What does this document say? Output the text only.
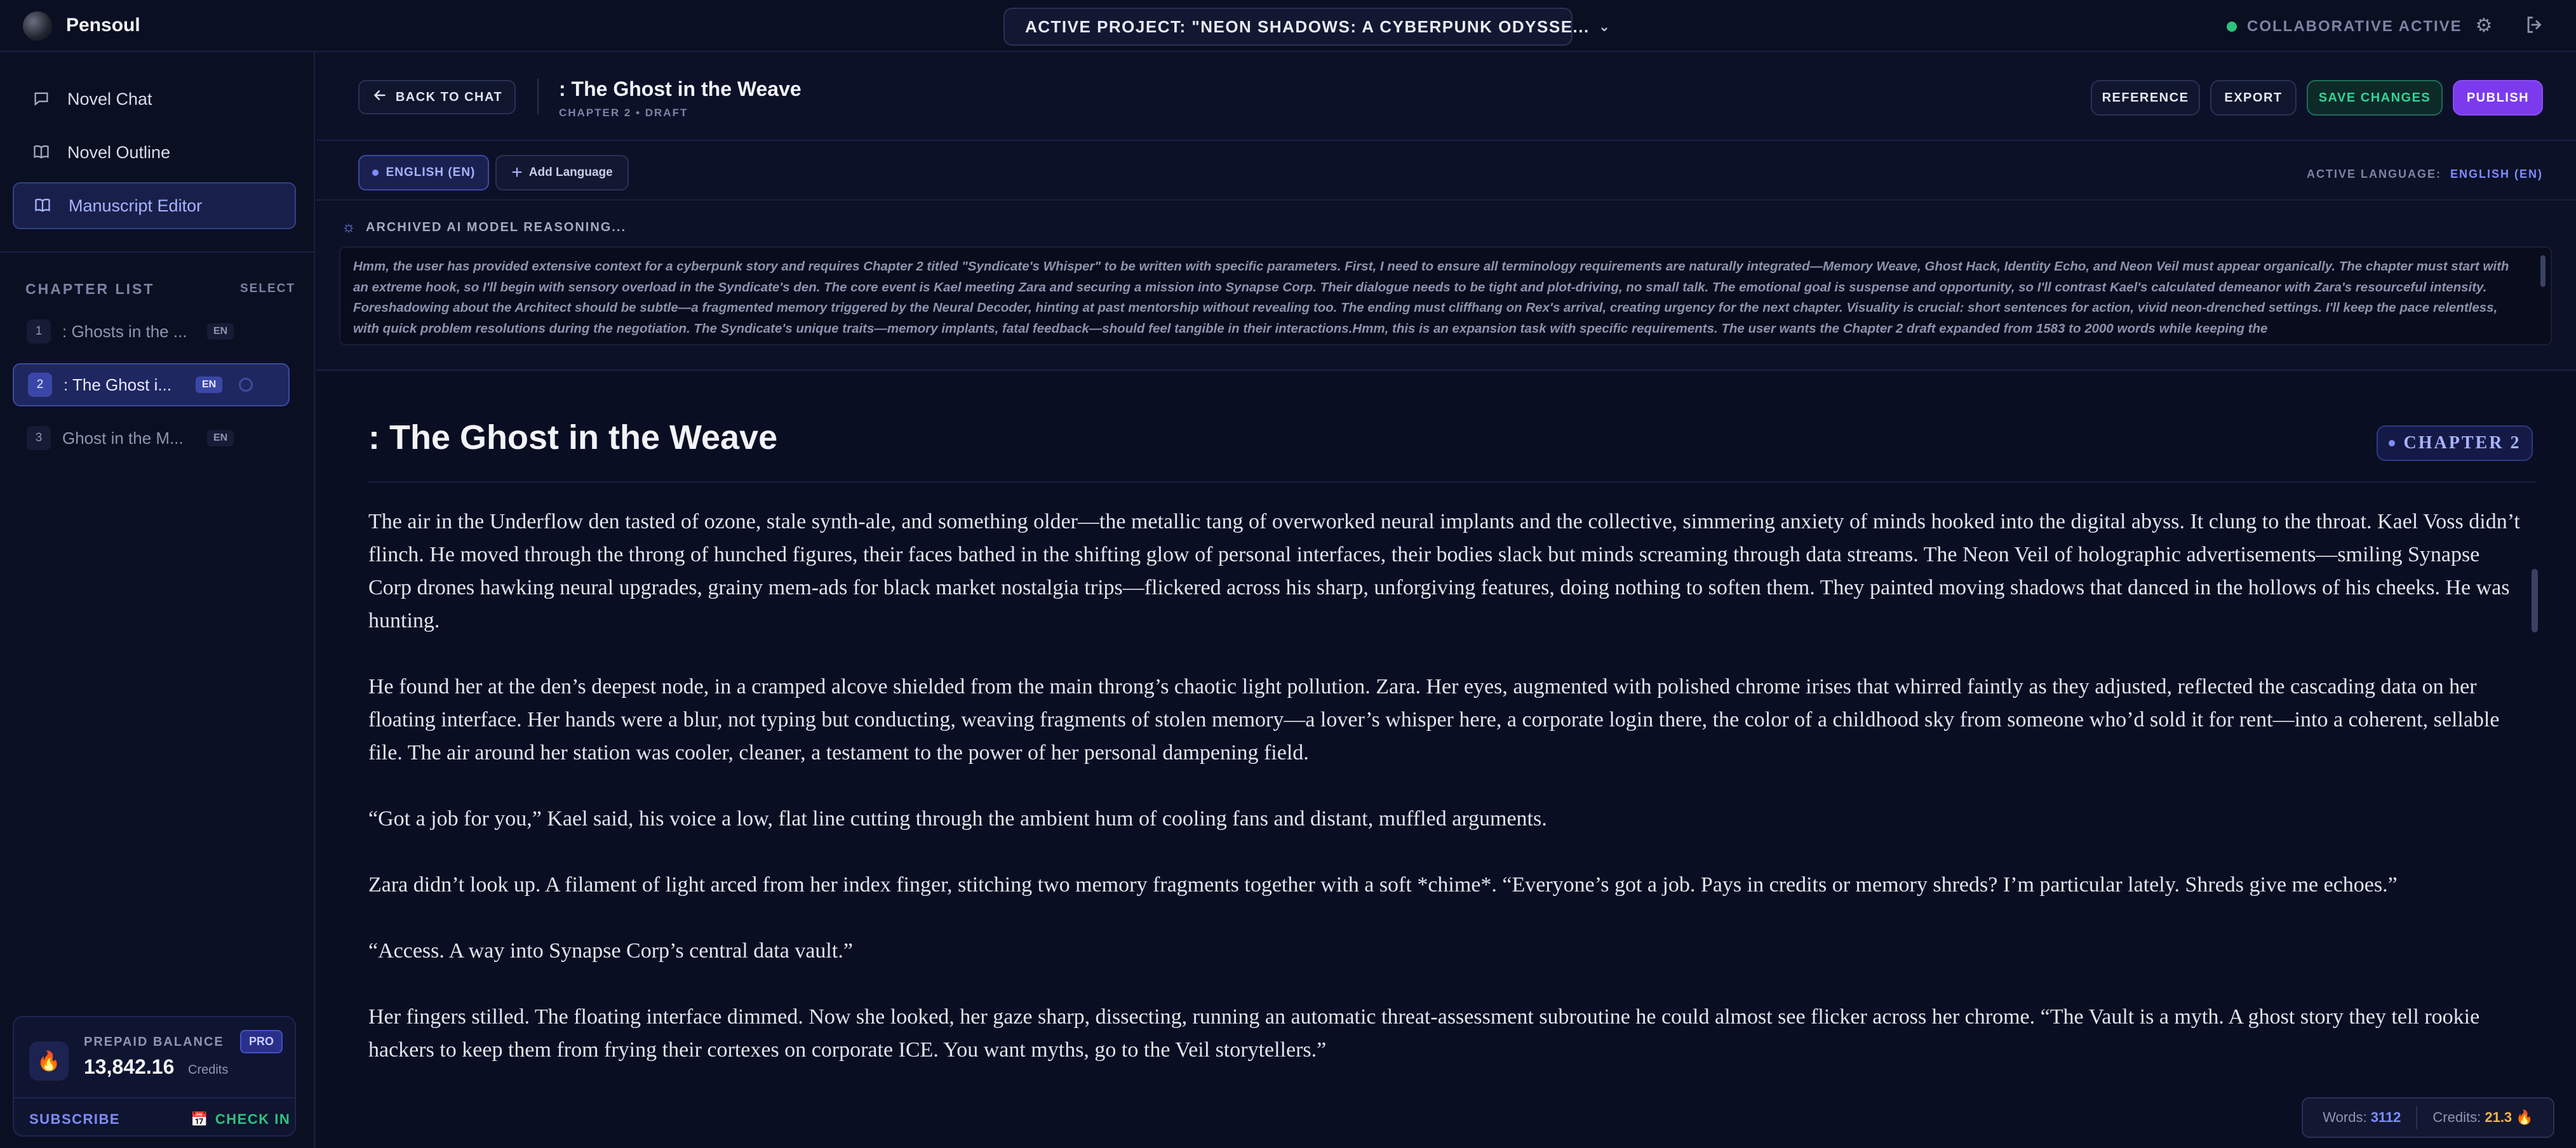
Pensoul	ACTIVE PROJECT: "NEON SHADOWS: A CYBERPUNK ODYSSE... ⌄	COLLABORATIVE ACTIVE ⚙
Novel Chat
Novel Outline
Manuscript Editor
CHAPTER LIST	SELECT
1	: Ghosts in the ...	EN
2	: The Ghost i...	EN
3	Ghost in the M...	EN
🔥
PREPAID BALANCE	PRO
13,842.16 Credits
SUBSCRIBE	📅 CHECK IN
BACK TO CHAT	: The Ghost in the Weave
CHAPTER 2 • DRAFT
REFERENCE	EXPORT	SAVE CHANGES	PUBLISH
ENGLISH (EN) + Add Language	ACTIVE LANGUAGE: ENGLISH (EN)
☼ ARCHIVED AI MODEL REASONING...
Hmm, the user has provided extensive context for a cyberpunk story and requires Chapter 2 titled "Syndicate's Whisper" to be written with specific parameters. First, I need to ensure all terminology requirements are naturally integrated—Memory Weave, Ghost Hack, Identity Echo, and Neon Veil must appear organically. The chapter must start with an extreme hook, so I'll begin with sensory overload in the Syndicate's den. The core event is Kael meeting Zara and securing a mission into Synapse Corp. Their dialogue needs to be tight and plot-driving, no small talk. The emotional goal is suspense and opportunity, so I'll contrast Kael's calculated demeanor with Zara's resourceful intensity. Foreshadowing about the Architect should be subtle—a fragmented memory triggered by the Neural Decoder, hinting at past mentorship without revealing too. The ending must cliffhang on Rex's arrival, creating urgency for the next chapter. Visuality is crucial: short sentences for action, vivid neon-drenched settings. I'll keep the pace relentless, with quick problem resolutions during the negotiation. The Syndicate's unique traits—memory implants, fatal feedback—should feel tangible in their interactions.Hmm, this is an expansion task with specific requirements. The user wants the Chapter 2 draft expanded from 1583 to 2000 words while keeping the
: The Ghost in the Weave	CHAPTER 2

The air in the Underflow den tasted of ozone, stale synth-ale, and something older—the metallic tang of overworked neural implants and the collective, simmering anxiety of minds hooked into the digital abyss. It clung to the throat. Kael Voss didn’t flinch. He moved through the throng of hunched figures, their faces bathed in the shifting glow of personal interfaces, their bodies slack but minds screaming through data streams. The Neon Veil of holographic advertisements—smiling Synapse Corp drones hawking neural upgrades, grainy mem-ads for black market nostalgia trips—flickered across his sharp, unforgiving features, doing nothing to soften them. They painted moving shadows that danced in the hollows of his cheeks. He was hunting.

He found her at the den’s deepest node, in a cramped alcove shielded from the main throng’s chaotic light pollution. Zara. Her eyes, augmented with polished chrome irises that whirred faintly as they adjusted, reflected the cascading data on her floating interface. Her hands were a blur, not typing but conducting, weaving fragments of stolen memory—a lover’s whisper here, a corporate login there, the color of a childhood sky from someone who’d sold it for rent—into a coherent, sellable file. The air around her station was cooler, cleaner, a testament to the power of her personal dampening field.

“Got a job for you,” Kael said, his voice a low, flat line cutting through the ambient hum of cooling fans and distant, muffled arguments.

Zara didn’t look up. A filament of light arced from her index finger, stitching two memory fragments together with a soft *chime*. “Everyone’s got a job. Pays in credits or memory shreds? I’m particular lately. Shreds give me echoes.”

“Access. A way into Synapse Corp’s central data vault.”

Her fingers stilled. The floating interface dimmed. Now she looked, her gaze sharp, dissecting, running an automatic threat-assessment subroutine he could almost see flicker across her chrome. “The Vault is a myth. A ghost story they tell rookie hackers to keep them from frying their cortexes on corporate ICE. You want myths, go to the Veil storytellers.”

Words: 3112 Credits: 21.3 🔥
